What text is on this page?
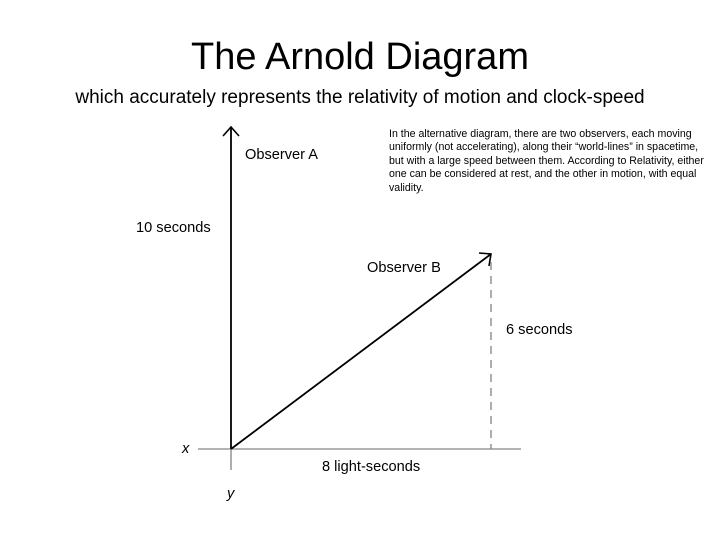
The Arnold Diagram
which accurately represents the relativity of motion and clock-speed
In the alternative diagram, there are two observers, each moving uniformly (not accelerating), along their “world-lines” in spacetime, but with a large speed between them. According to Relativity, either one can be considered at rest, and the other in motion, with equal validity.
Observer A
10 seconds
Observer B
6 seconds
8 light-seconds
x
y
